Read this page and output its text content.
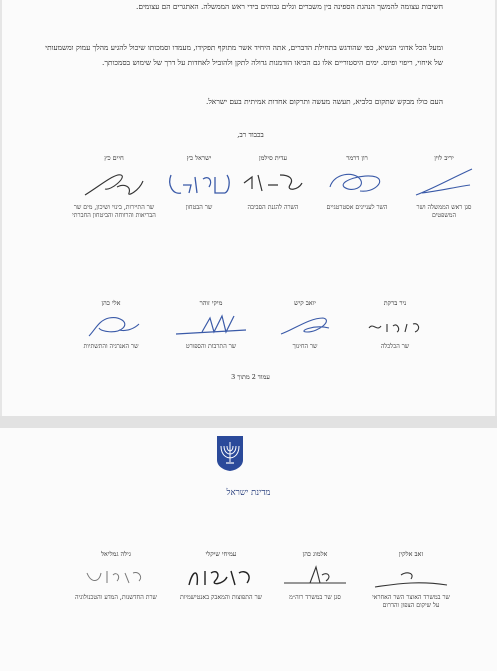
חשיבות עצומה להמשך הנהגת הספינה בין משברים וגלים גבוהים בידי ראש הממשלה. האתגרים הם עצומים.

ומעל הכל אדוני הנשיא, כפי שהודגש בתחילת הדברים, אתה היחיד אשר מתוקף תפקידו, מעמדו וסמכותו שיכול להגיע מהלך עמוק ומשמעותי של איחוי, ריפוי ופיוס. ימים היסטוריים אלו גם הביאו הזדמנות גדולה לתקן ולהוביל לאחדות על דרך של שימוש בסמכותך.

העם כולו מבקש שתקום כלביא, תעשה מעשה ותרקום אחדות אמיתית בעם ישראל.

בכבוד רב,
יריב לוין
סגן ראש הממשלה ושר המשפטים
רון דרמר
השר לעניינים אסטרטגיים
עדית סילמן
השרה להגנת הסביבה
ישראל כץ
שר הבטחון
חיים כץ
שר התיירות, בינוי ושיכון, מים שר הבריאות והרווחה והביטחון החברתי
ניר ברקת
שר הכלכלה
יואב קיש
שר החינוך
מיקי זוהר
שר התרבות והספורט
אלי כהן
שר האנרגיה והתשתיות
עמוד 2 מתוך 3
מדינת ישראל
זאב אלקין
שר במשרד האוצר השר האחראי על שיקום הצפון והדרום
אלמוג כהן
סגן שר במשרד רוה״מ
עמיחי שיקלי
שר התפוצות והמאבק באנטישמיות
גילה גמליאל
שרת החדשנות, המדע והטכנולוגיה
